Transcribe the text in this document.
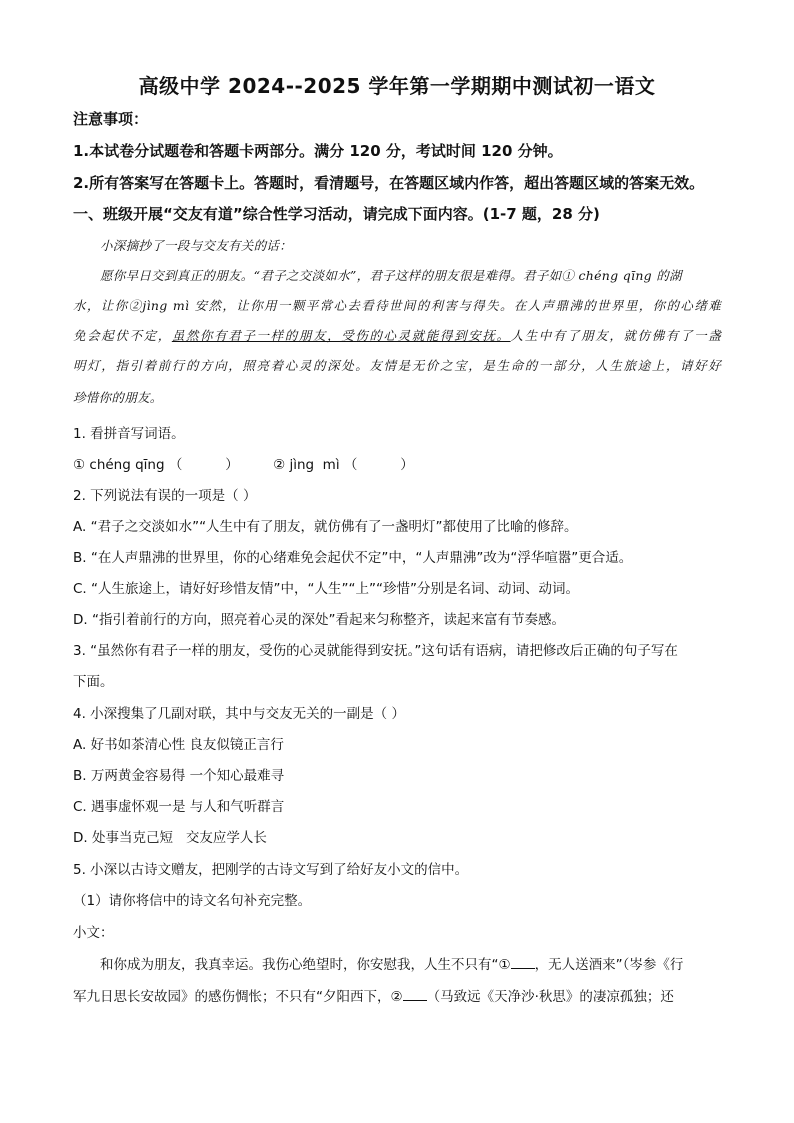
高级中学 2024--2025 学年第一学期期中测试初一语文
注意事项：
1.本试卷分试题卷和答题卡两部分。满分 120 分，考试时间 120 分钟。
2.所有答案写在答题卡上。答题时，看清题号，在答题区域内作答，超出答题区域的答案无效。
一、班级开展“交友有道”综合性学习活动，请完成下面内容。(1-7 题，28 分)
小深摘抄了一段与交友有关的话：
愿你早日交到真正的朋友。“君子之交淡如水”，君子这样的朋友很是难得。君子如① chéng qīng 的湖
水，让你②jìng mì 安然，让你用一颗平常心去看待世间的利害与得失。在人声鼎沸的世界里，你的心绪难
免会起伏不定，虽然你有君子一样的朋友，受伤的心灵就能得到安抚。人生中有了朋友，就仿佛有了一盏
明灯，指引着前行的方向，照亮着心灵的深处。友情是无价之宝，是生命的一部分，人生旅途上，请好好
珍惜你的朋友。
1. 看拼音写词语。
① chéng qīng （          ）        ② jìng  mì （          ）
2. 下列说法有误的一项是（ ）
A. “君子之交淡如水”“人生中有了朋友，就仿佛有了一盏明灯”都使用了比喻的修辞。
B. “在人声鼎沸的世界里，你的心绪难免会起伏不定”中，“人声鼎沸”改为“浮华喧嚣”更合适。
C. “人生旅途上，请好好珍惜友情”中，“人生”“上”“珍惜”分别是名词、动词、动词。
D. “指引着前行的方向，照亮着心灵的深处”看起来匀称整齐，读起来富有节奏感。
3. “虽然你有君子一样的朋友，受伤的心灵就能得到安抚。”这句话有语病，请把修改后正确的句子写在
下面。
4. 小深搜集了几副对联，其中与交友无关的一副是（ ）
A. 好书如茶清心性 良友似镜正言行
B. 万两黄金容易得 一个知心最难寻
C. 遇事虚怀观一是 与人和气听群言
D. 处事当克己短   交友应学人长
5. 小深以古诗文赠友，把刚学的古诗文写到了给好友小文的信中。
（1）请你将信中的诗文名句补充完整。
小文：
和你成为朋友，我真幸运。我伤心绝望时，你安慰我，人生不只有“① ，无人送酒来”（岑参《行
军九日思长安故园》的感伤惆怅；不只有“夕阳西下，② （马致远《天净沙·秋思》的凄凉孤独；还
